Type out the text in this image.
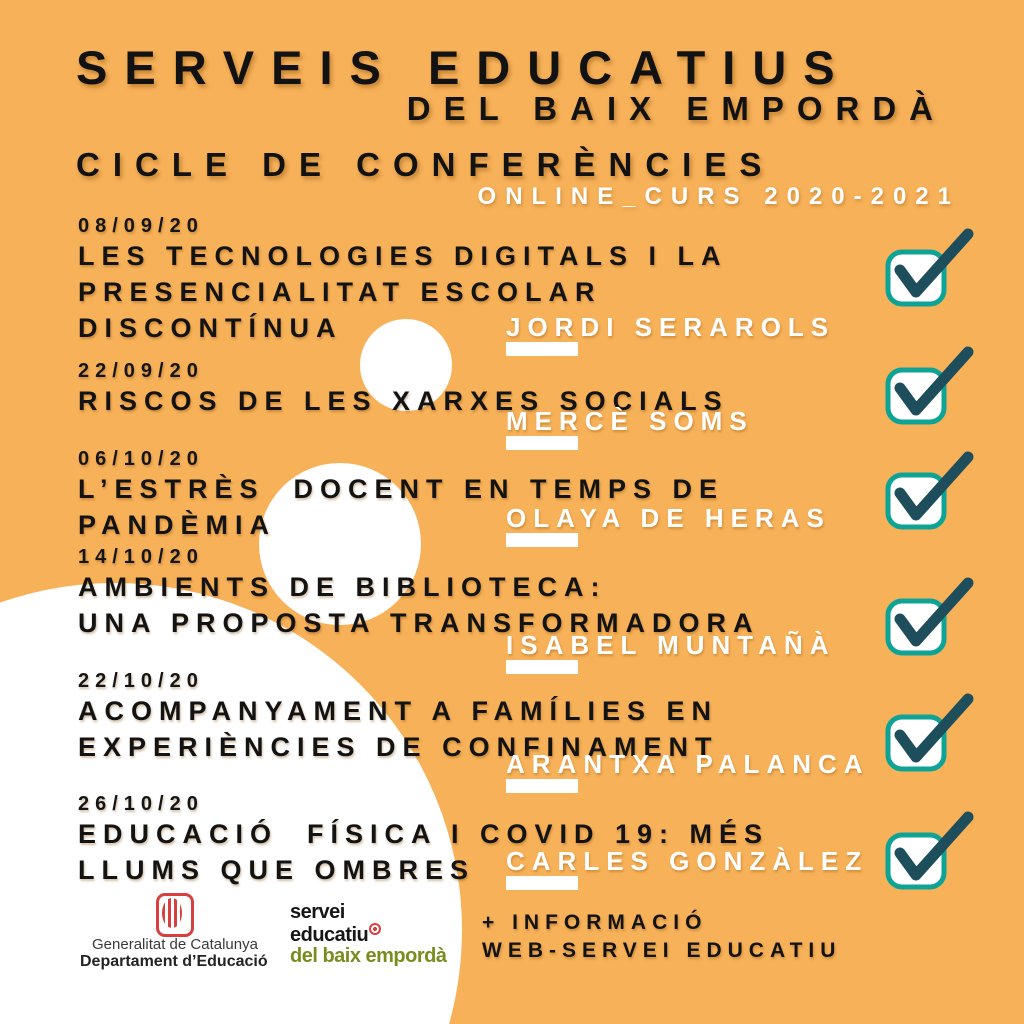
SERVEIS EDUCATIUS
DEL BAIX EMPORDÀ
CICLE DE CONFERÈNCIES
ONLINE_CURS 2020-2021
08/09/20
LES TECNOLOGIES DIGITALS I LA
PRESENCIALITAT ESCOLAR
DISCONTÍNUA	JORDI SERAROLS
22/09/20
RISCOS DE LES XARXES SOCIALS
MERCÈ SOMS
06/10/20
L’ESTRÈS  DOCENT EN TEMPS DE
PANDÈMIA	OLAYA DE HERAS
14/10/20
AMBIENTS DE BIBLIOTECA:
UNA PROPOSTA TRANSFORMADORA
ISABEL MUNTAÑÀ
22/10/20
ACOMPANYAMENT A FAMÍLIES EN
EXPERIÈNCIES DE CONFINAMENT
ARANTXA PALANCA
26/10/20
EDUCACIÓ  FÍSICA I COVID 19: MÉS
LLUMS QUE OMBRES CARLES GONZÀLEZ
Generalitat de Catalunya
Departament d’Educació
servei
educatiu
del baix empordà
+ INFORMACIÓ
WEB-SERVEI EDUCATIU
